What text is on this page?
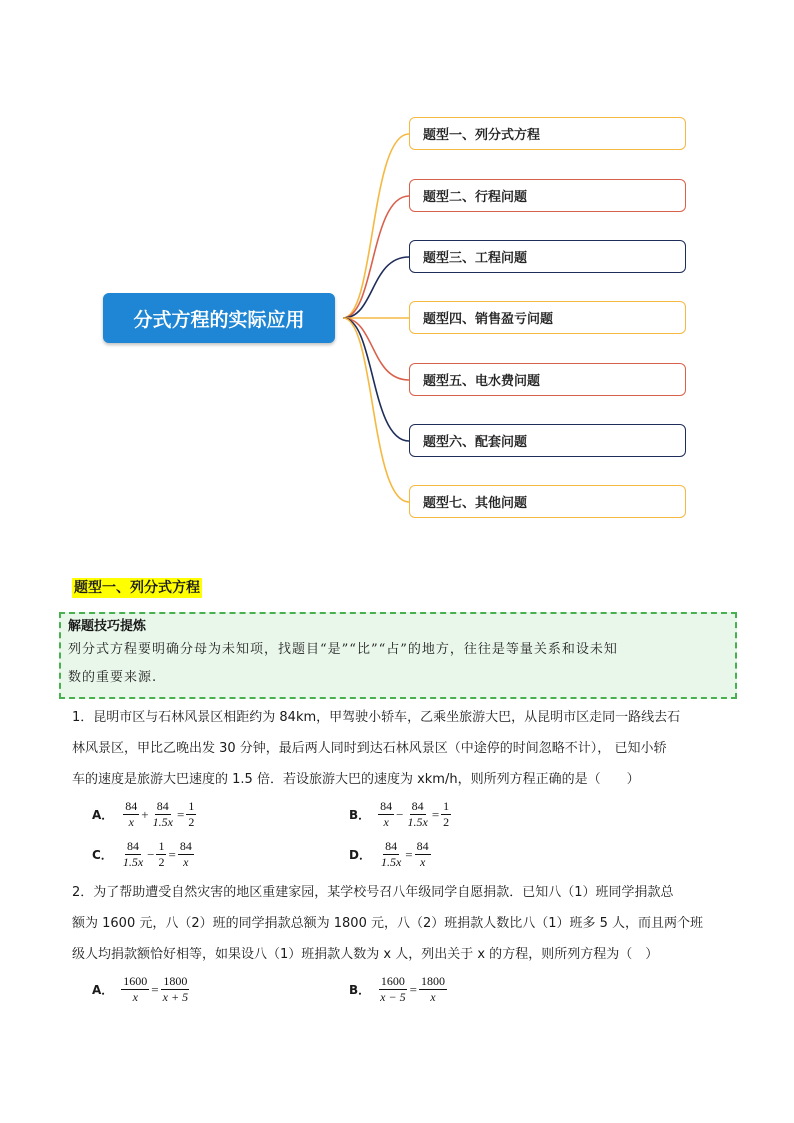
分式方程的实际应用
题型一、列分式方程
题型二、行程问题
题型三、工程问题
题型四、销售盈亏问题
题型五、电水费问题
题型六、配套问题
题型七、其他问题
题型一、列分式方程
解题技巧提炼
列分式方程要明确分母为未知项，找题目“是”“比”“占”的地方，往往是等量关系和设未知
数的重要来源.
1．昆明市区与石林风景区相距约为 84km，甲驾驶小轿车，乙乘坐旅游大巴，从昆明市区走同一路线去石
林风景区，甲比乙晚出发 30 分钟，最后两人同时到达石林风景区（中途停的时间忽略不计）， 已知小轿
车的速度是旅游大巴速度的 1.5 倍．若设旅游大巴的速度为 xkm/h，则所列方程正确的是（　　）
A． $\frac{84}{x} + \frac{84}{1.5x} = \frac{1}{2}$	B． $\frac{84}{x} - \frac{84}{1.5x} = \frac{1}{2}$
C． $\frac{84}{1.5x} - \frac{1}{2} = \frac{84}{x}$	D． $\frac{84}{1.5x} = \frac{84}{x}$
2．为了帮助遭受自然灾害的地区重建家园，某学校号召八年级同学自愿捐款．已知八（1）班同学捐款总
额为 1600 元，八（2）班的同学捐款总额为 1800 元，八（2）班捐款人数比八（1）班多 5 人，而且两个班
级人均捐款额恰好相等，如果设八（1）班捐款人数为 x 人，列出关于 x 的方程，则所列方程为（　）
A． $\frac{1600}{x} = \frac{1800}{x + 5}$	B． $\frac{1600}{x - 5} = \frac{1800}{x}$
